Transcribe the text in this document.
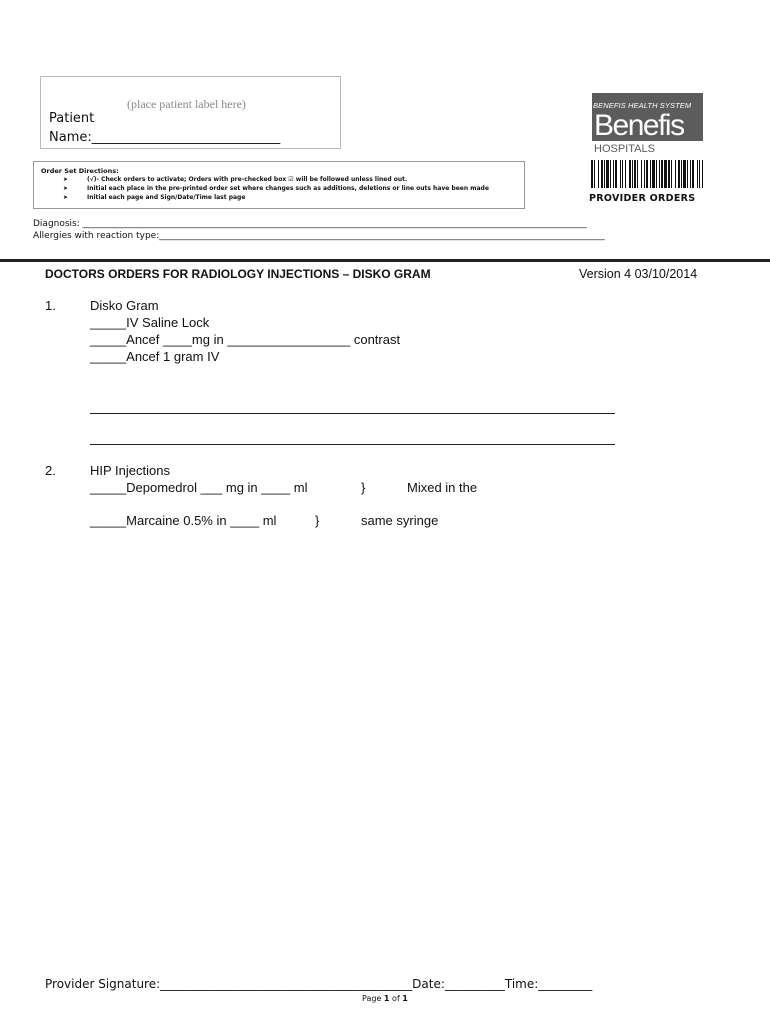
(place patient label here)
Patient
Name:_____________________________
Order Set Directions:
➤	(√)- Check orders to activate; Orders with pre-checked box ☑ will be followed unless lined out.
➤	Initial each place in the pre-printed order set where changes such as additions, deletions or line outs have been made
➤	Initial each page and Sign/Date/Time last page
BENEFIS HEALTH SYSTEM
Benefis
HOSPITALS
PROVIDER ORDERS
Diagnosis: ________________________________________________________________________________________________________________
Allergies with reaction type:___________________________________________________________________________________________________
DOCTORS ORDERS FOR RADIOLOGY INJECTIONS – DISKO GRAM	Version 4 03/10/2014
1.	Disko Gram
_____IV Saline Lock
_____Ancef ____mg in _________________ contrast
_____Ancef 1 gram IV
2.	HIP Injections
_____Depomedrol ___ mg in ____ ml	}	Mixed in the
_____Marcaine 0.5% in ____ ml	}	same syringe
Provider Signature:__________________________________________Date:__________Time:_________
Page 1 of 1
